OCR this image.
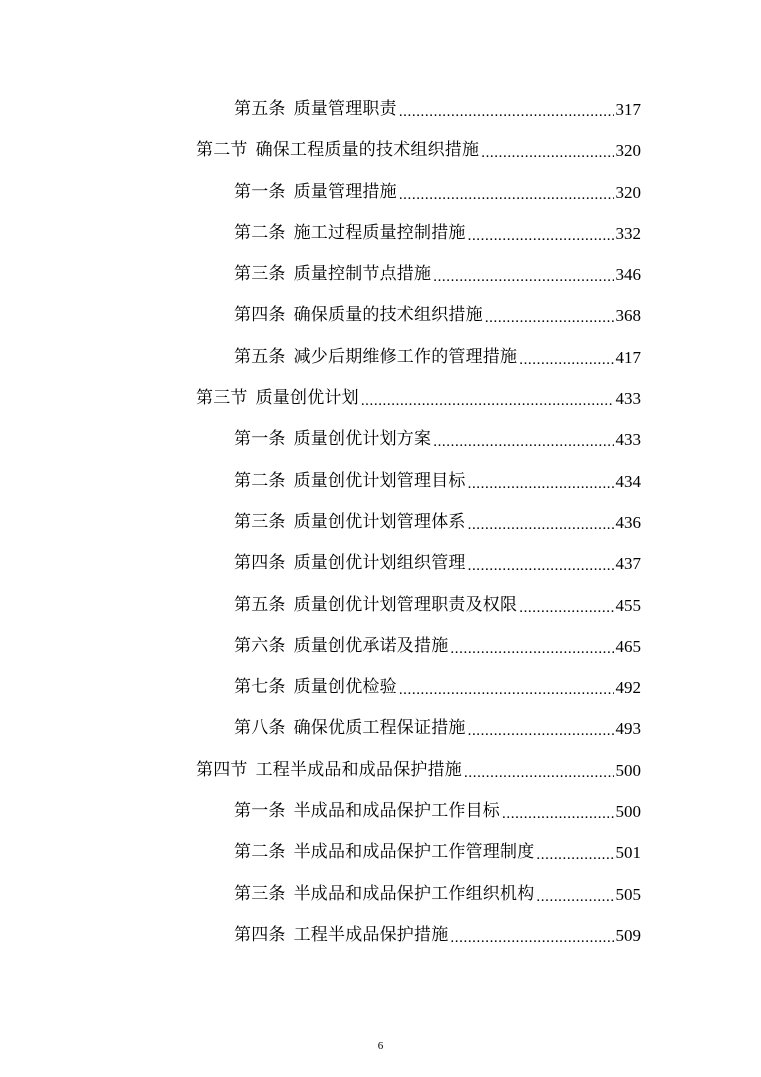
第五条 质量管理职责 .....	317
第二节 确保工程质量的技术组织措施 .....	320
第一条 质量管理措施 .....	320
第二条 施工过程质量控制措施 .....	332
第三条 质量控制节点措施 .....	346
第四条 确保质量的技术组织措施 .....	368
第五条 减少后期维修工作的管理措施 .....	417
第三节 质量创优计划 .....	433
第一条 质量创优计划方案 .....	433
第二条 质量创优计划管理目标 .....	434
第三条 质量创优计划管理体系 .....	436
第四条 质量创优计划组织管理 .....	437
第五条 质量创优计划管理职责及权限 .....	455
第六条 质量创优承诺及措施 .....	465
第七条 质量创优检验 .....	492
第八条 确保优质工程保证措施 .....	493
第四节 工程半成品和成品保护措施 .....	500
第一条 半成品和成品保护工作目标 .....	500
第二条 半成品和成品保护工作管理制度 .....	501
第三条 半成品和成品保护工作组织机构 .....	505
第四条 工程半成品保护措施 .....	509
6
